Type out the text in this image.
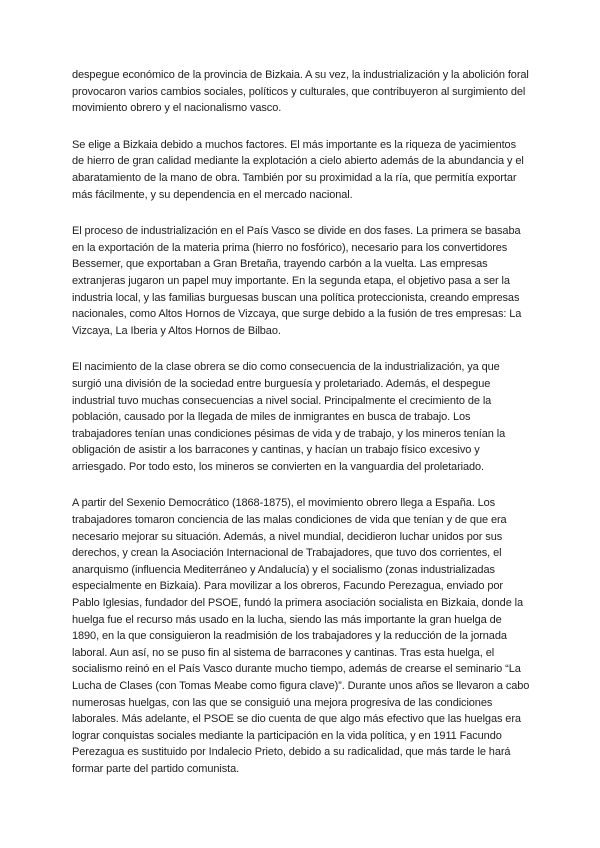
despegue económico de la provincia de Bizkaia. A su vez, la industrialización y la abolición foral provocaron varios cambios sociales, políticos y culturales, que contribuyeron al surgimiento del movimiento obrero y el nacionalismo vasco.

Se elige a Bizkaia debido a muchos factores. El más importante es la riqueza de yacimientos de hierro de gran calidad mediante la explotación a cielo abierto además de la abundancia y el abaratamiento de la mano de obra. También por su proximidad a la ría, que permitía exportar más fácilmente, y su dependencia en el mercado nacional.

El proceso de industrialización en el País Vasco se divide en dos fases. La primera se basaba en la exportación de la materia prima (hierro no fosfórico), necesario para los convertidores Bessemer, que exportaban a Gran Bretaña, trayendo carbón a la vuelta. Las empresas extranjeras jugaron un papel muy importante. En la segunda etapa, el objetivo pasa a ser la industria local, y las familias burguesas buscan una política proteccionista, creando empresas nacionales, como Altos Hornos de Vizcaya, que surge debido a la fusión de tres empresas: La Vizcaya, La Iberia y Altos Hornos de Bilbao.

El nacimiento de la clase obrera se dio como consecuencia de la industrialización, ya que surgió una división de la sociedad entre burguesía y proletariado. Además, el despegue industrial tuvo muchas consecuencias a nivel social. Principalmente el crecimiento de la población, causado por la llegada de miles de inmigrantes en busca de trabajo. Los trabajadores tenían unas condiciones pésimas de vida y de trabajo, y los mineros tenían la obligación de asistir a los barracones y cantinas, y hacían un trabajo físico excesivo y arriesgado. Por todo esto, los mineros se convierten en la vanguardia del proletariado.

A partir del Sexenio Democrático (1868-1875), el movimiento obrero llega a España. Los trabajadores tomaron conciencia de las malas condiciones de vida que tenían y de que era necesario mejorar su situación. Además, a nivel mundial, decidieron luchar unidos por sus derechos, y crean la Asociación Internacional de Trabajadores, que tuvo dos corrientes, el anarquismo (influencia Mediterráneo y Andalucía) y el socialismo (zonas industrializadas especialmente en Bizkaia). Para movilizar a los obreros, Facundo Perezagua, enviado por Pablo Iglesias, fundador del PSOE, fundó la primera asociación socialista en Bizkaia, donde la huelga fue el recurso más usado en la lucha, siendo las más importante la gran huelga de 1890, en la que consiguieron la readmisión de los trabajadores y la reducción de la jornada laboral. Aun así, no se puso fin al sistema de barracones y cantinas. Tras esta huelga, el socialismo reinó en el País Vasco durante mucho tiempo, además de crearse el seminario “La Lucha de Clases (con Tomas Meabe como figura clave)”. Durante unos años se llevaron a cabo numerosas huelgas, con las que se consiguió una mejora progresiva de las condiciones laborales. Más adelante, el PSOE se dio cuenta de que algo más efectivo que las huelgas era lograr conquistas sociales mediante la participación en la vida política, y en 1911 Facundo Perezagua es sustituido por Indalecio Prieto, debido a su radicalidad, que más tarde le hará formar parte del partido comunista.
